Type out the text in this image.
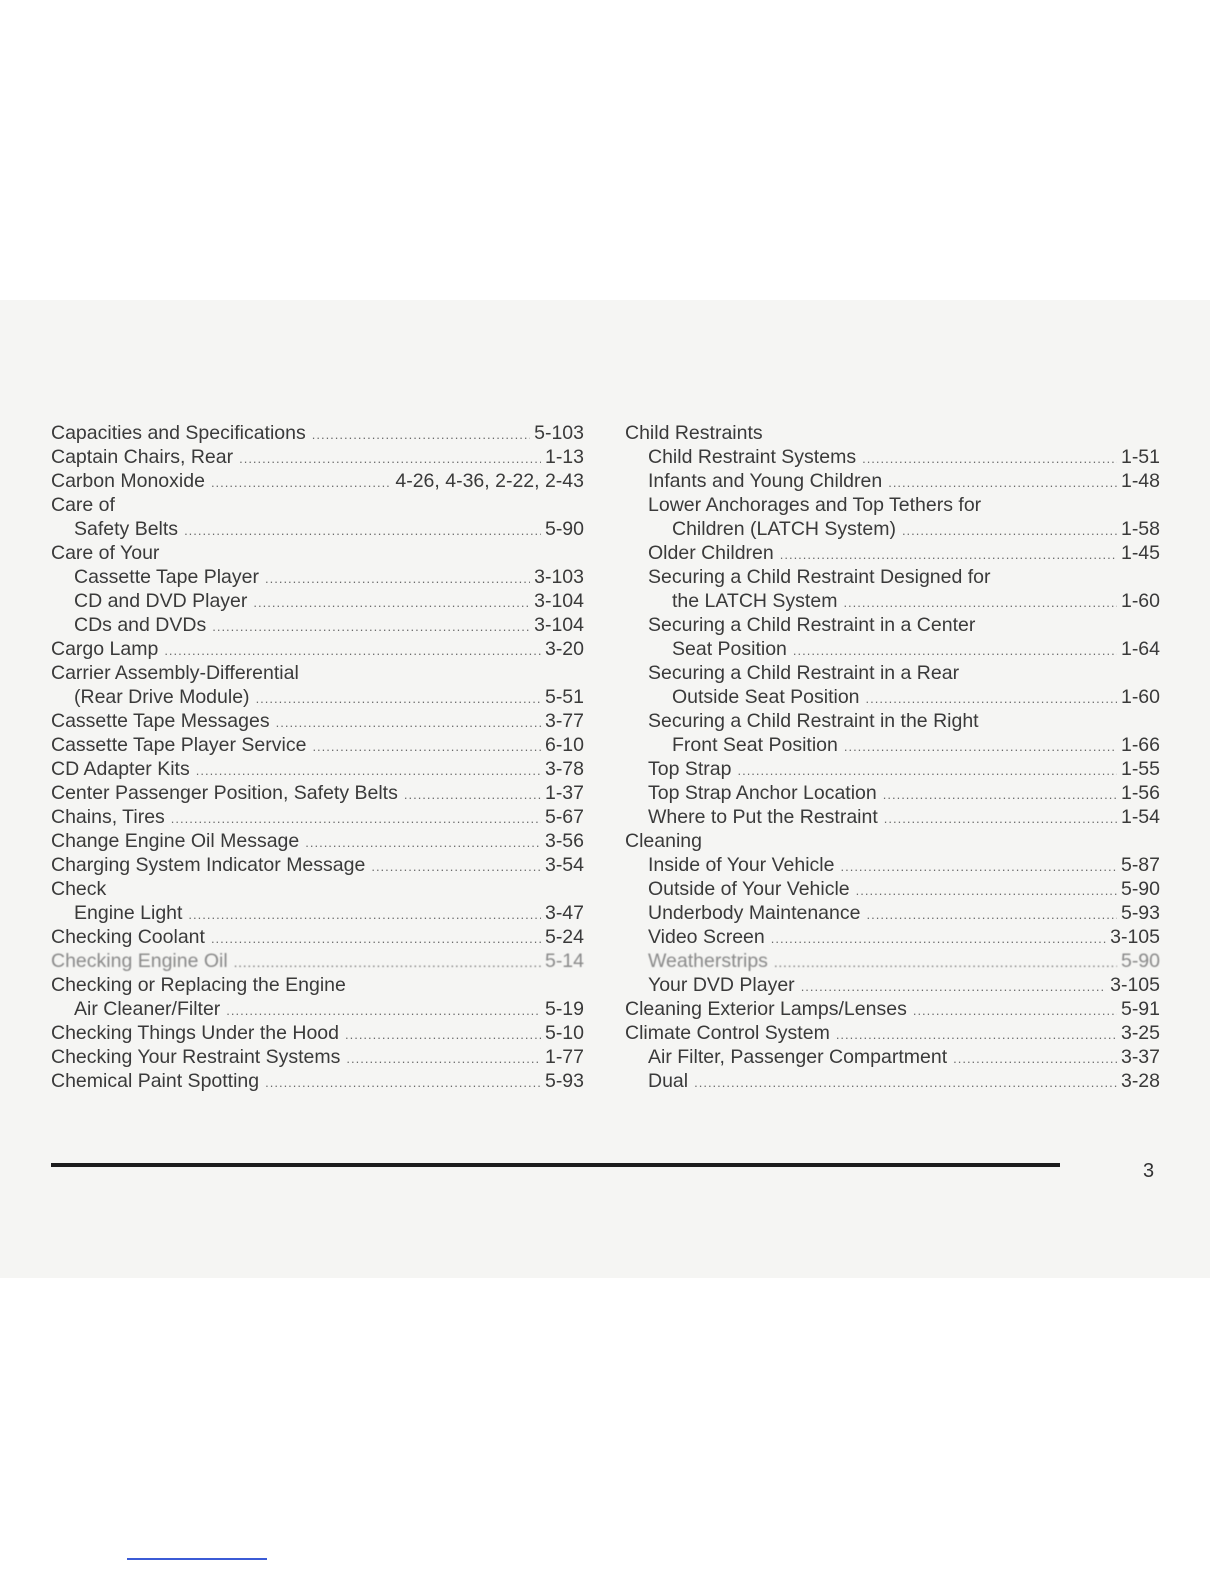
Capacities and Specifications .....	5-103
Captain Chairs, Rear .....	1-13
Carbon Monoxide .....	4-26, 4-36, 2-22, 2-43
Care of
Safety Belts .....	5-90
Care of Your
Cassette Tape Player .....	3-103
CD and DVD Player .....	3-104
CDs and DVDs .....	3-104
Cargo Lamp .....	3-20
Carrier Assembly-Differential
(Rear Drive Module) .....	5-51
Cassette Tape Messages .....	3-77
Cassette Tape Player Service .....	6-10
CD Adapter Kits .....	3-78
Center Passenger Position, Safety Belts .....	1-37
Chains, Tires .....	5-67
Change Engine Oil Message .....	3-56
Charging System Indicator Message .....	3-54
Check
Engine Light .....	3-47
Checking Coolant .....	5-24
Checking Engine Oil .....	5-14
Checking or Replacing the Engine
Air Cleaner/Filter .....	5-19
Checking Things Under the Hood .....	5-10
Checking Your Restraint Systems .....	1-77
Chemical Paint Spotting .....	5-93
Child Restraints
Child Restraint Systems .....	1-51
Infants and Young Children .....	1-48
Lower Anchorages and Top Tethers for
Children (LATCH System) .....	1-58
Older Children .....	1-45
Securing a Child Restraint Designed for
the LATCH System .....	1-60
Securing a Child Restraint in a Center
Seat Position .....	1-64
Securing a Child Restraint in a Rear
Outside Seat Position .....	1-60
Securing a Child Restraint in the Right
Front Seat Position .....	1-66
Top Strap .....	1-55
Top Strap Anchor Location .....	1-56
Where to Put the Restraint .....	1-54
Cleaning
Inside of Your Vehicle .....	5-87
Outside of Your Vehicle .....	5-90
Underbody Maintenance .....	5-93
Video Screen .....	3-105
Weatherstrips .....	5-90
Your DVD Player .....	3-105
Cleaning Exterior Lamps/Lenses .....	5-91
Climate Control System .....	3-25
Air Filter, Passenger Compartment .....	3-37
Dual .....	3-28
3
